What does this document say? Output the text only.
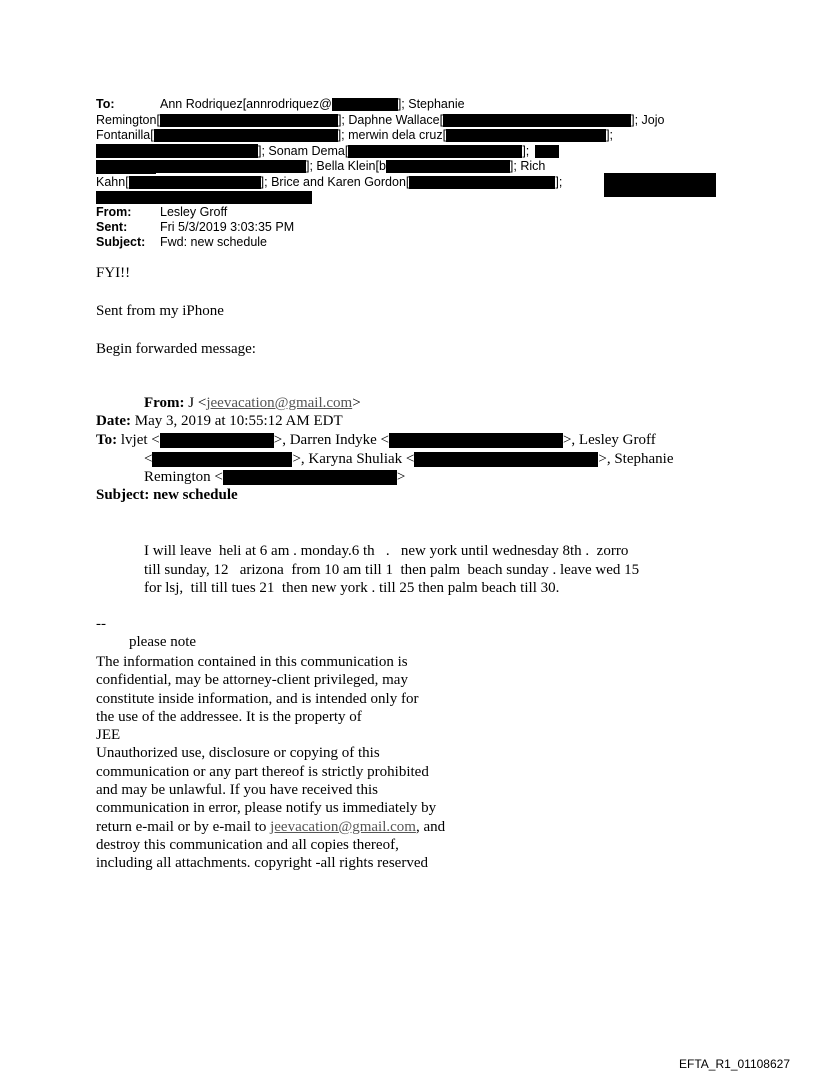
To:	Ann Rodriquez[annrodriquez@	]; Stephanie
Remington[	]; Daphne Wallace[	]; Jojo
Fontanilla[	]; merwin dela cruz[	];
]; Sonam Dema[	];
]; Bella Klein[b	]; Rich
Kahn[	]; Brice and Karen Gordon[	];
From: Lesley Groff
Sent:	Fri 5/3/2019 3:03:35 PM
Subject: Fwd: new schedule
FYI!!
Sent from my iPhone
Begin forwarded message:
From: J <jeevacation@gmail.com>
Date: May 3, 2019 at 10:55:12 AM EDT
To: lvjet <	>, Darren Indyke <	>, Lesley Groff
<	>, Karyna Shuliak <	>, Stephanie
Remington <	>
Subject: new schedule
I will leave  heli at 6 am . monday.6 th   .   new york until wednesday 8th .  zorro
till sunday, 12   arizona  from 10 am till 1  then palm  beach sunday . leave wed 15
for lsj,  till till tues 21  then new york . till 25 then palm beach till 30.
--
please note
The information contained in this communication is
confidential, may be attorney-client privileged, may
constitute inside information, and is intended only for
the use of the addressee. It is the property of
JEE
Unauthorized use, disclosure or copying of this
communication or any part thereof is strictly prohibited
and may be unlawful. If you have received this
communication in error, please notify us immediately by
return e-mail or by e-mail to jeevacation@gmail.com, and
destroy this communication and all copies thereof,
including all attachments. copyright -all rights reserved
EFTA_R1_01108627
